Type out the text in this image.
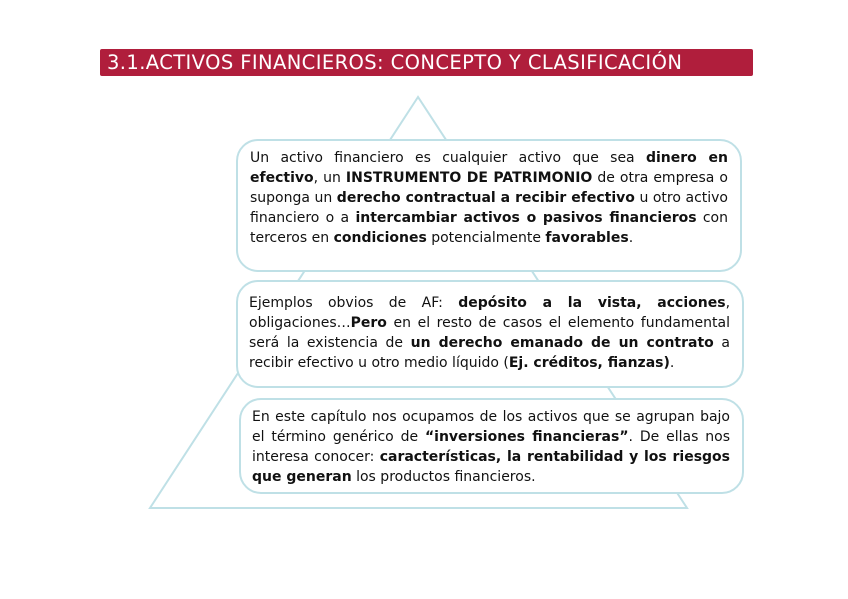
3.1.ACTIVOS FINANCIEROS: CONCEPTO Y CLASIFICACIÓN
Un activo financiero es cualquier activo que sea dinero en efectivo, un INSTRUMENTO DE PATRIMONIO de otra empresa o suponga un derecho contractual a recibir efectivo u otro activo financiero o a intercambiar activos o pasivos financieros con terceros en condiciones potencialmente favorables.
Ejemplos obvios de AF: depósito a la vista, acciones, obligaciones…Pero en el resto de casos el elemento fundamental será la existencia de un derecho emanado de un contrato a recibir efectivo u otro medio líquido (Ej. créditos, fianzas).
En este capítulo nos ocupamos de los activos que se agrupan bajo el término genérico de “inversiones financieras”. De ellas nos interesa conocer: características, la rentabilidad y los riesgos que generan los productos financieros.
